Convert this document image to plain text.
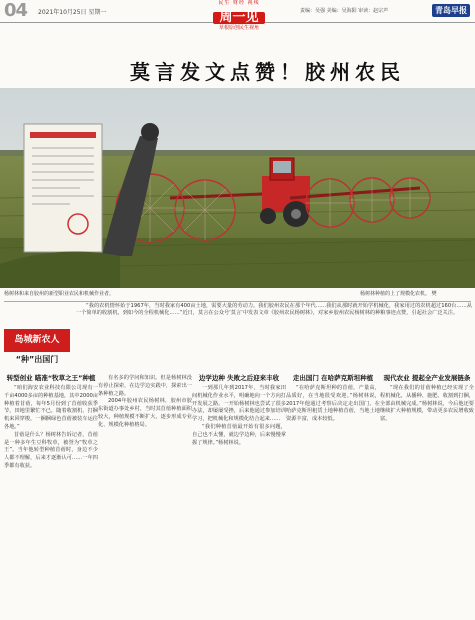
04 2021年10月25日 星期一
民生 财经 视线
周一见
草根原创民生视角
责编：吴强 美编：吴海阳 审读：赵宗声	青岛早报
莫言发文点赞！胶州农民
杨树林和来自胶州的新型职业农民和机械作业者。	杨树林种植的上了规模化农机。 樊

“我的农机情怀始于1967年，当时我家有400亩土地，需要大量的劳动力。我们胶州农民在那个年代……我们从那时就开始学机械化，我家用过的农机超过160台……从一个简单的收割机，到如今的全程机械化……”近日，莫言在公众号‘莫言’中发表文章《胶州农民杨树林》，对家乡胶州农民杨树林的种粮事迹点赞，引起社会广泛关注。

岛城新农人
“种”出国门
转型创业 瞄准“牧草之王”种植

“咱们海安农业科技有限公司现有一千亩4000多亩的种植基地，其中2000亩种植着苜蓿，每年5月份到了苜蓿收获季节，田地里繁忙不已，随着收割机、打捆机来回穿梭，一捆捆绿色苜蓿被装车运往各地。”

苜蓿是什么？杨树林告诉记者，苜蓿是一种多年生豆科牧草，被誉为“牧草之王”。当年他转型种植苜蓿时，身边不少人都不理解，后来才逐渐认可……一年四季都有收获。

有名多的学问和知识。但是杨树林没有停止探索，在边学边实践中，探索出一条种植之路。

2004年胶州农民杨树林，胶州市胶东街道办事处乡村，当时其苜蓿种植面积较大，种植规模不断扩大，逐步形成专业化、规模化种植格局。

边学边种 失败之后迎来丰收

一到那几年到2017年，当时我家田间机械化作业水平，明确地向一个方向打开发展之路。一开始杨树林也尝试了很多办法，却屡屡受挫，后来他通过参加培训学习，把机械化和规模化结合起来……

“我们种植苜蓿最开始有很多问题，自己也不太懂，就边学边种，后来慢慢掌握了规律。”杨树林说。

走出国门 在哈萨克斯坦种植

“在哈萨克斯坦种的苜蓿，产量高，品质好，在当地很受欢迎。”杨树林说，2017年他通过考察后决定走出国门，在哈萨克斯坦租赁土地种植苜蓿，当地土地资源丰富，成本较低。

现代农业 提起全产业发展链条

“现在我们的苜蓿种植已经实现了全程机械化，从播种、施肥、收割到打捆，全部由机械完成。”杨树林说，今后他还要继续扩大种植规模，带动更多农民增收致富。
